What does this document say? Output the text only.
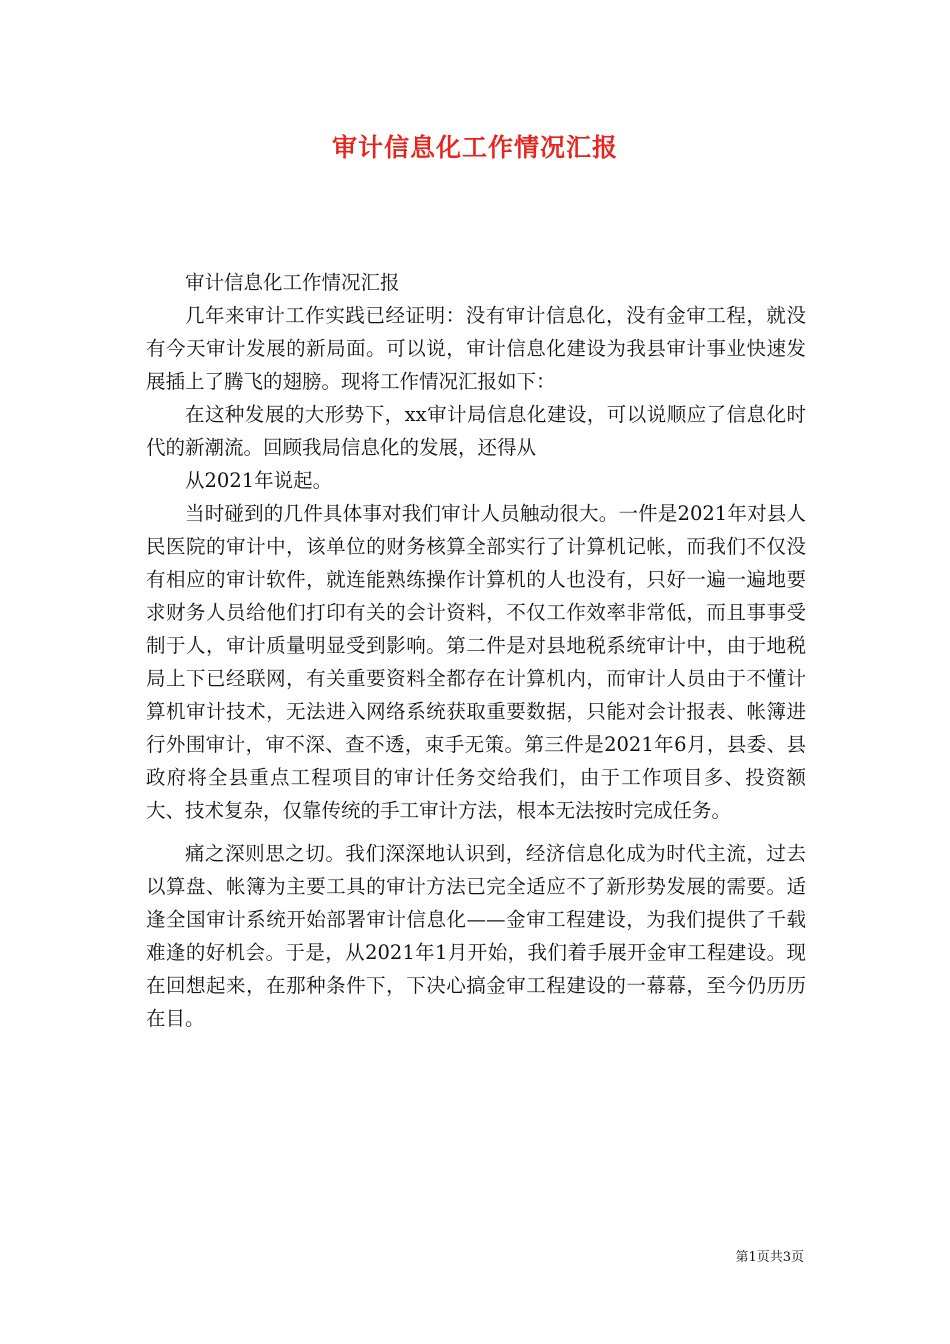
审计信息化工作情况汇报

审计信息化工作情况汇报

几年来审计工作实践已经证明：没有审计信息化，没有金审工程，就没有今天审计发展的新局面。可以说，审计信息化建设为我县审计事业快速发展插上了腾飞的翅膀。现将工作情况汇报如下：

在这种发展的大形势下，xx审计局信息化建设，可以说顺应了信息化时代的新潮流。回顾我局信息化的发展，还得从

从2021年说起。

当时碰到的几件具体事对我们审计人员触动很大。一件是2021年对县人民医院的审计中，该单位的财务核算全部实行了计算机记帐，而我们不仅没有相应的审计软件，就连能熟练操作计算机的人也没有，只好一遍一遍地要求财务人员给他们打印有关的会计资料，不仅工作效率非常低，而且事事受制于人，审计质量明显受到影响。第二件是对县地税系统审计中，由于地税局上下已经联网，有关重要资料全都存在计算机内，而审计人员由于不懂计算机审计技术，无法进入网络系统获取重要数据，只能对会计报表、帐簿进行外围审计，审不深、查不透，束手无策。第三件是2021年6月，县委、县政府将全县重点工程项目的审计任务交给我们，由于工作项目多、投资额大、技术复杂，仅靠传统的手工审计方法，根本无法按时完成任务。

痛之深则思之切。我们深深地认识到，经济信息化成为时代主流，过去以算盘、帐簿为主要工具的审计方法已完全适应不了新形势发展的需要。适逢全国审计系统开始部署审计信息化——金审工程建设，为我们提供了千载难逢的好机会。于是，从2021年1月开始，我们着手展开金审工程建设。现在回想起来，在那种条件下，下决心搞金审工程建设的一幕幕，至今仍历历在目。

第1页共3页
